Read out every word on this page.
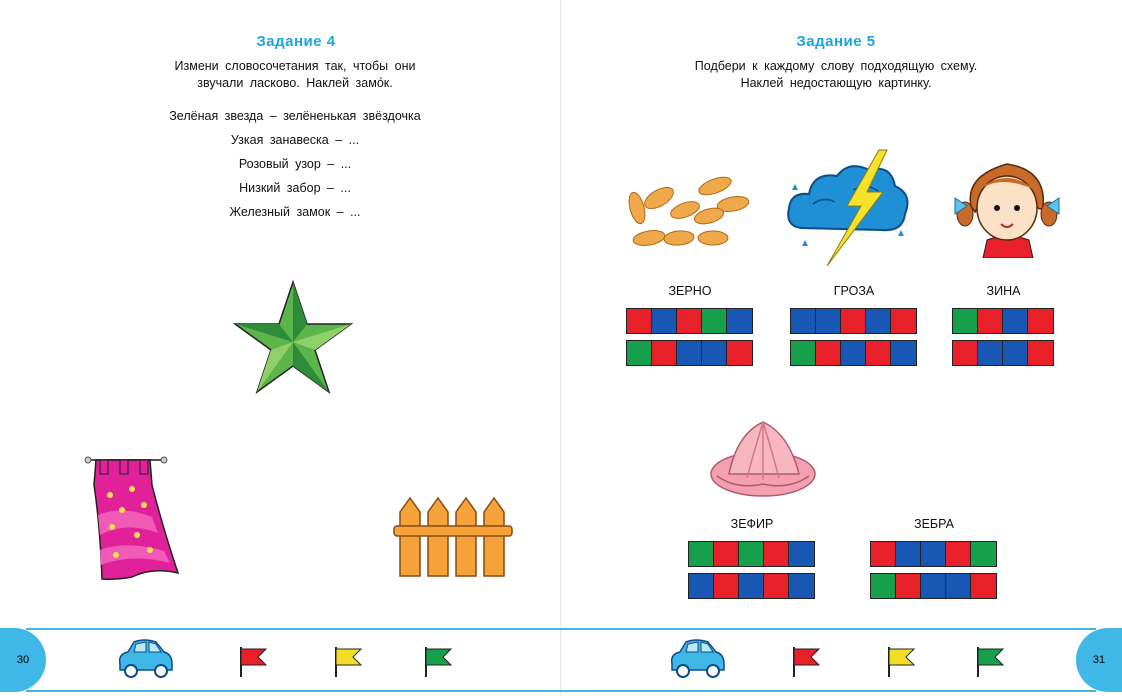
Задание 4
Измени словосочетания так, чтобы они
звучали ласково. Наклей замóк.
Зелёная звезда – зелёненькая звёздочка
Узкая занавеска – ...
Розовый узор – ...
Низкий забор – ...
Железный замок – ...
30
Задание 5
Подбери к каждому слову подходящую схему.
Наклей недостающую картинку.
31
ЗЕРНО	ГРОЗА	ЗИНА
ЗЕФИР	ЗЕБРА
